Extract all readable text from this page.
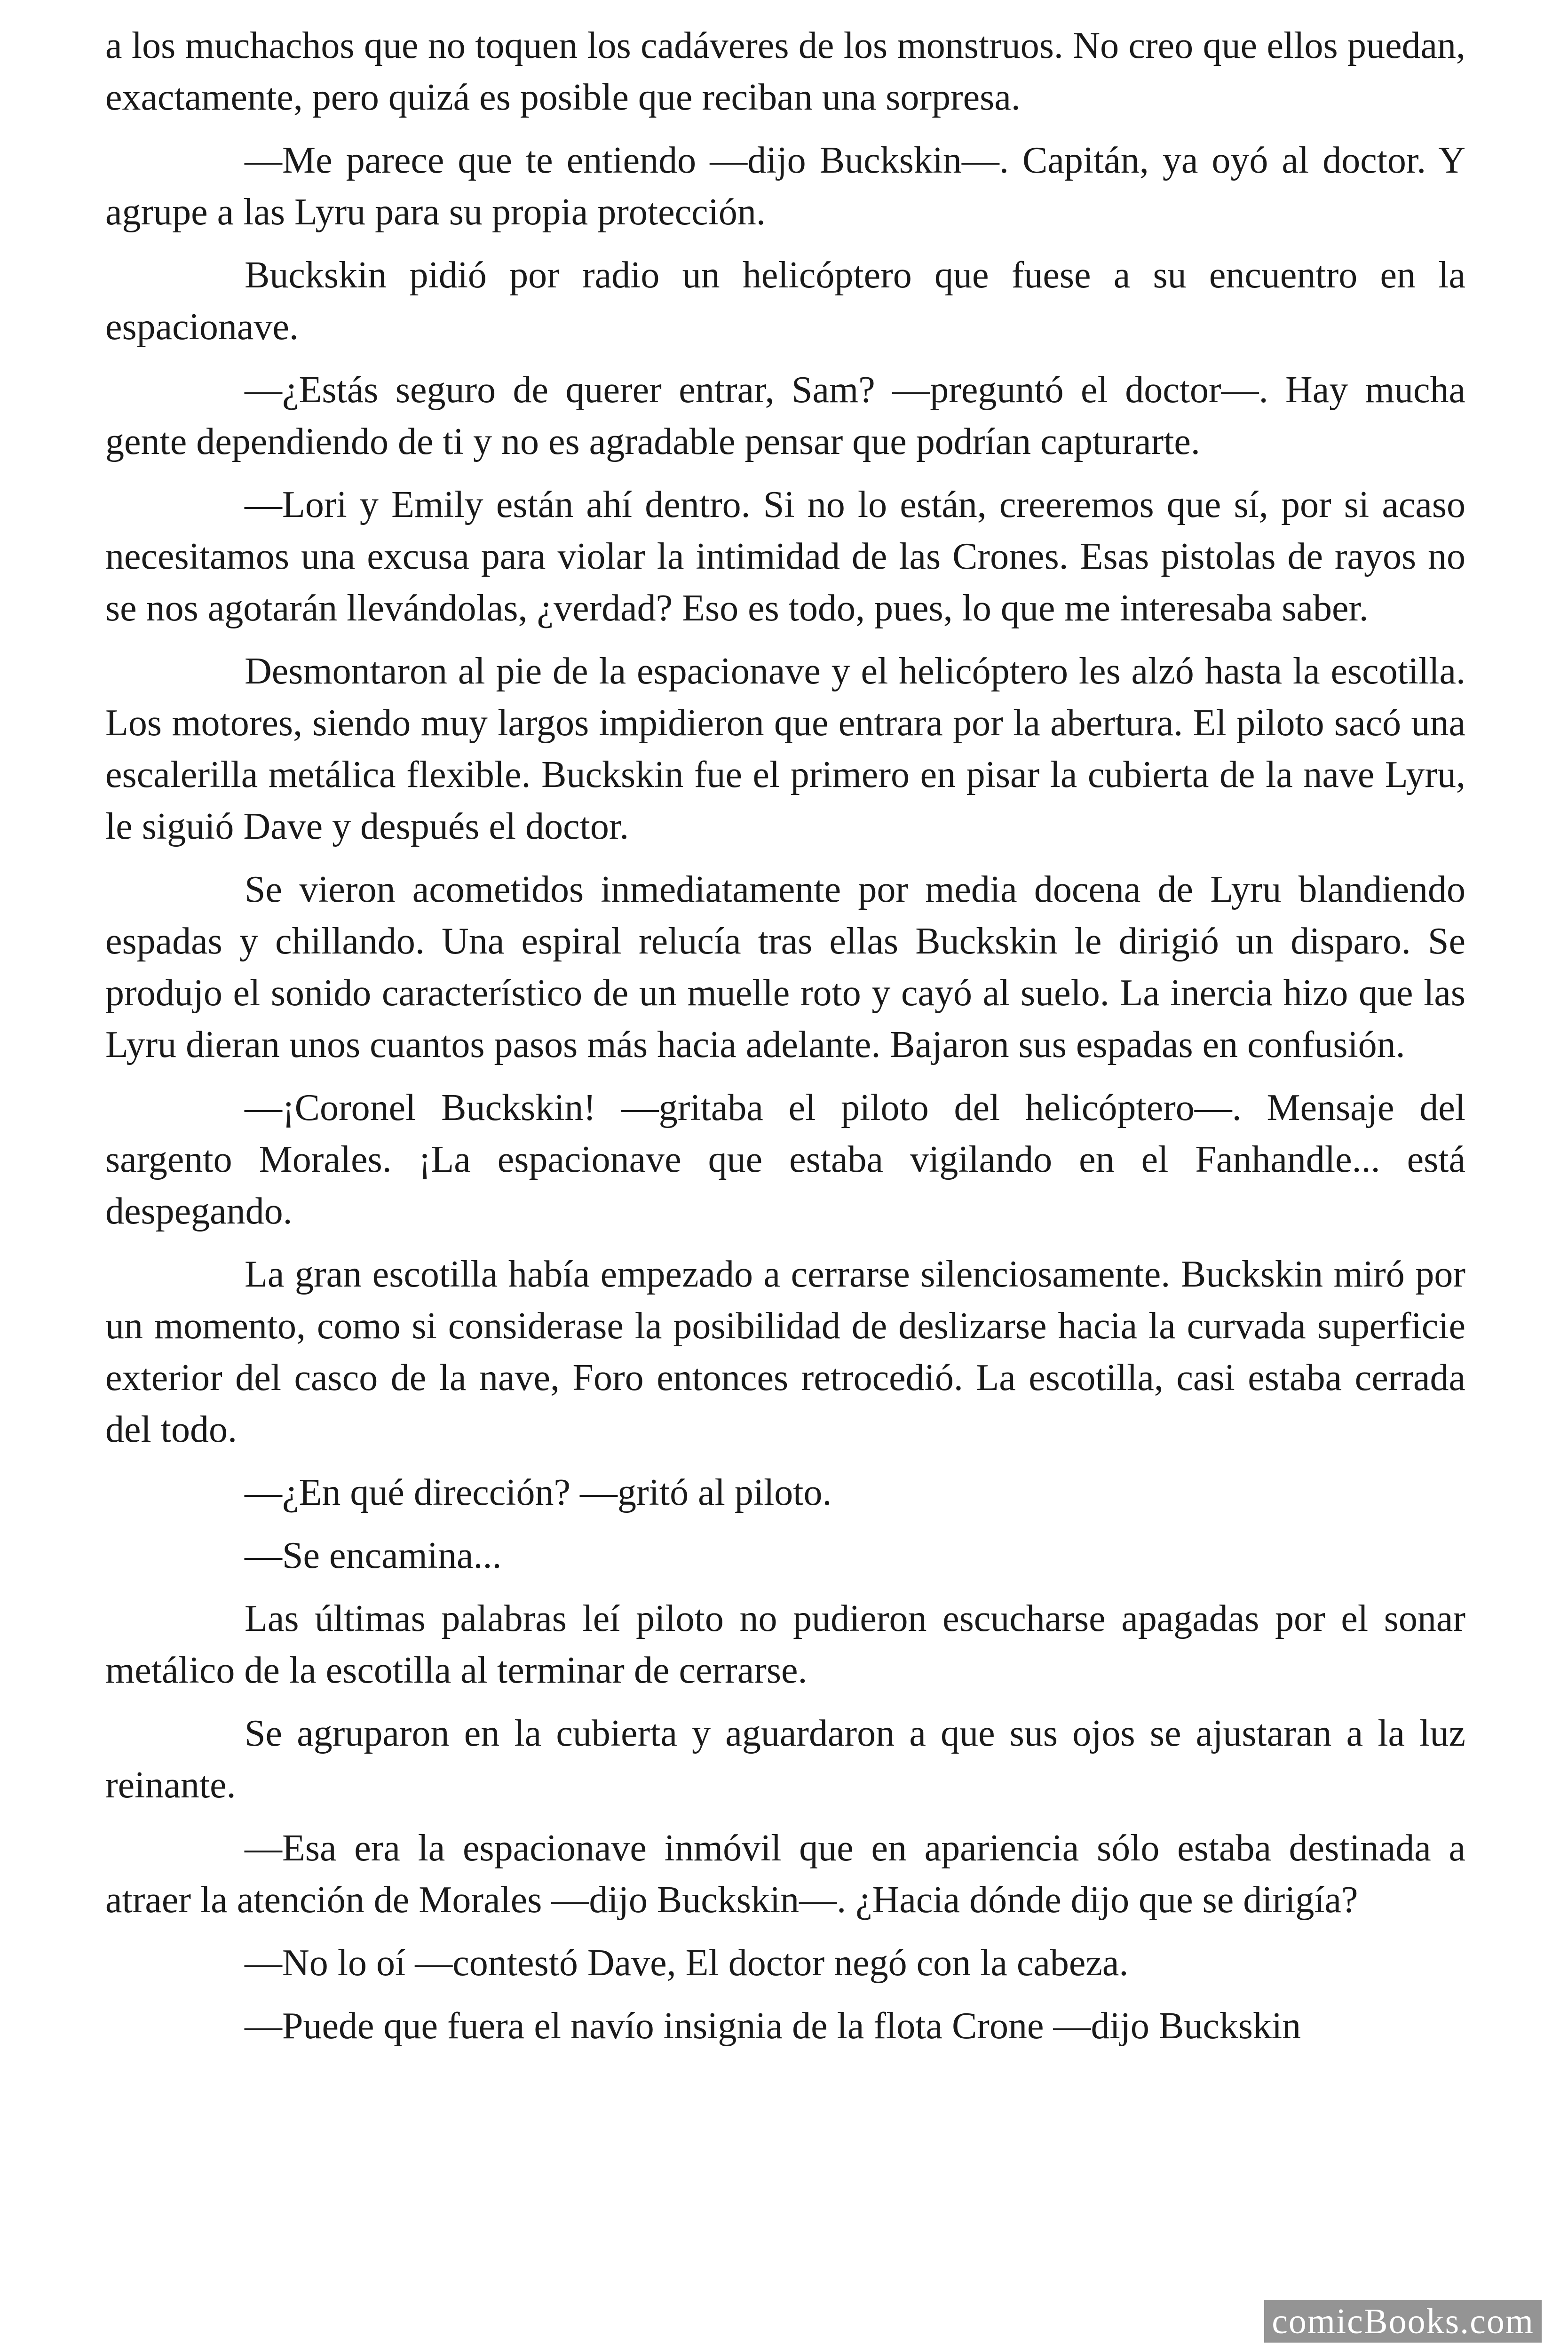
a los muchachos que no toquen los cadáveres de los monstruos. No creo que ellos puedan, exactamente, pero quizá es posible que reciban una sorpresa.

—Me parece que te entiendo —dijo Buckskin—. Capitán, ya oyó al doctor. Y agrupe a las Lyru para su propia protección.

Buckskin pidió por radio un helicóptero que fuese a su encuentro en la espacionave.

—¿Estás seguro de querer entrar, Sam? —preguntó el doctor—. Hay mucha gente dependiendo de ti y no es agradable pensar que podrían capturarte.

—Lori y Emily están ahí dentro. Si no lo están, creeremos que sí, por si acaso necesitamos una excusa para violar la intimidad de las Crones. Esas pistolas de rayos no se nos agotarán llevándolas, ¿verdad? Eso es todo, pues, lo que me interesaba saber.

Desmontaron al pie de la espacionave y el helicóptero les alzó hasta la escotilla. Los motores, siendo muy largos impidieron que entrara por la abertura. El piloto sacó una escalerilla metálica flexible. Buckskin fue el primero en pisar la cubierta de la nave Lyru, le siguió Dave y después el doctor.

Se vieron acometidos inmediatamente por media docena de Lyru blandiendo espadas y chillando. Una espiral relucía tras ellas Buckskin le dirigió un disparo. Se produjo el sonido característico de un muelle roto y cayó al suelo. La inercia hizo que las Lyru dieran unos cuantos pasos más hacia adelante. Bajaron sus espadas en confusión.

—¡Coronel Buckskin! —gritaba el piloto del helicóptero—. Mensaje del sargento Morales. ¡La espacionave que estaba vigilando en el Fanhandle... está despegando.

La gran escotilla había empezado a cerrarse silenciosamente. Buckskin miró por un momento, como si considerase la posibilidad de deslizarse hacia la curvada superficie exterior del casco de la nave, Foro entonces retrocedió. La escotilla, casi estaba cerrada del todo.

—¿En qué dirección? —gritó al piloto.

—Se encamina...

Las últimas palabras leí piloto no pudieron escucharse apagadas por el sonar metálico de la escotilla al terminar de cerrarse.

Se agruparon en la cubierta y aguardaron a que sus ojos se ajustaran a la luz reinante.

—Esa era la espacionave inmóvil que en apariencia sólo estaba destinada a atraer la atención de Morales —dijo Buckskin—. ¿Hacia dónde dijo que se dirigía?

—No lo oí —contestó Dave, El doctor negó con la cabeza.

—Puede que fuera el navío insignia de la flota Crone —dijo Buckskin

comicBooks.com
